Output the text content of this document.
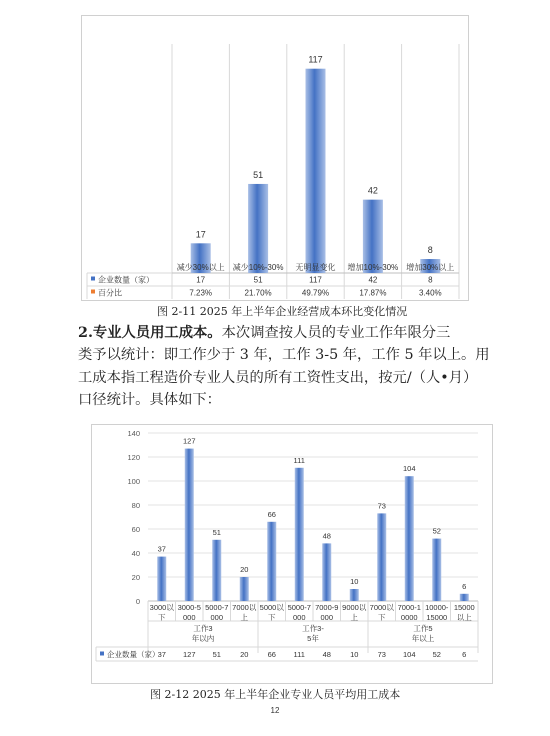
17
减少30%以上
51
减少10%-30%
117
无明显变化
42
增加10%-30%
8
增加30%以上
企业数量（家）	17	51	117	42	8
百分比	7.23%	21.70%	49.79%	17.87%	3.40%
图 2-11 2025 年上半年企业经营成本环比变化情况
2.专业人员用工成本。本次调查按人员的专业工作年限分三
类予以统计：即工作少于 3 年，工作 3-5 年，工作 5 年以上。用
工成本指工程造价专业人员的所有工资性支出，按元/（人•月）
口径统计。具体如下：
0
20
40
60
80
100
120
140
37
3000以
下
127
3000-5
000
51
5000-7
000
20
7000以
上
66
5000以
下
111
5000-7
000
48
7000-9
000
10
9000以
上
73
7000以
下
104
7000-1
0000
52
10000-
15000
6
15000
以上
工作3
年以内
工作3-
5年
工作5
年以上
企业数量（家）
37 127 51	20	66 111 48	10	73 104 52	6
图 2-12 2025 年上半年企业专业人员平均用工成本
12
